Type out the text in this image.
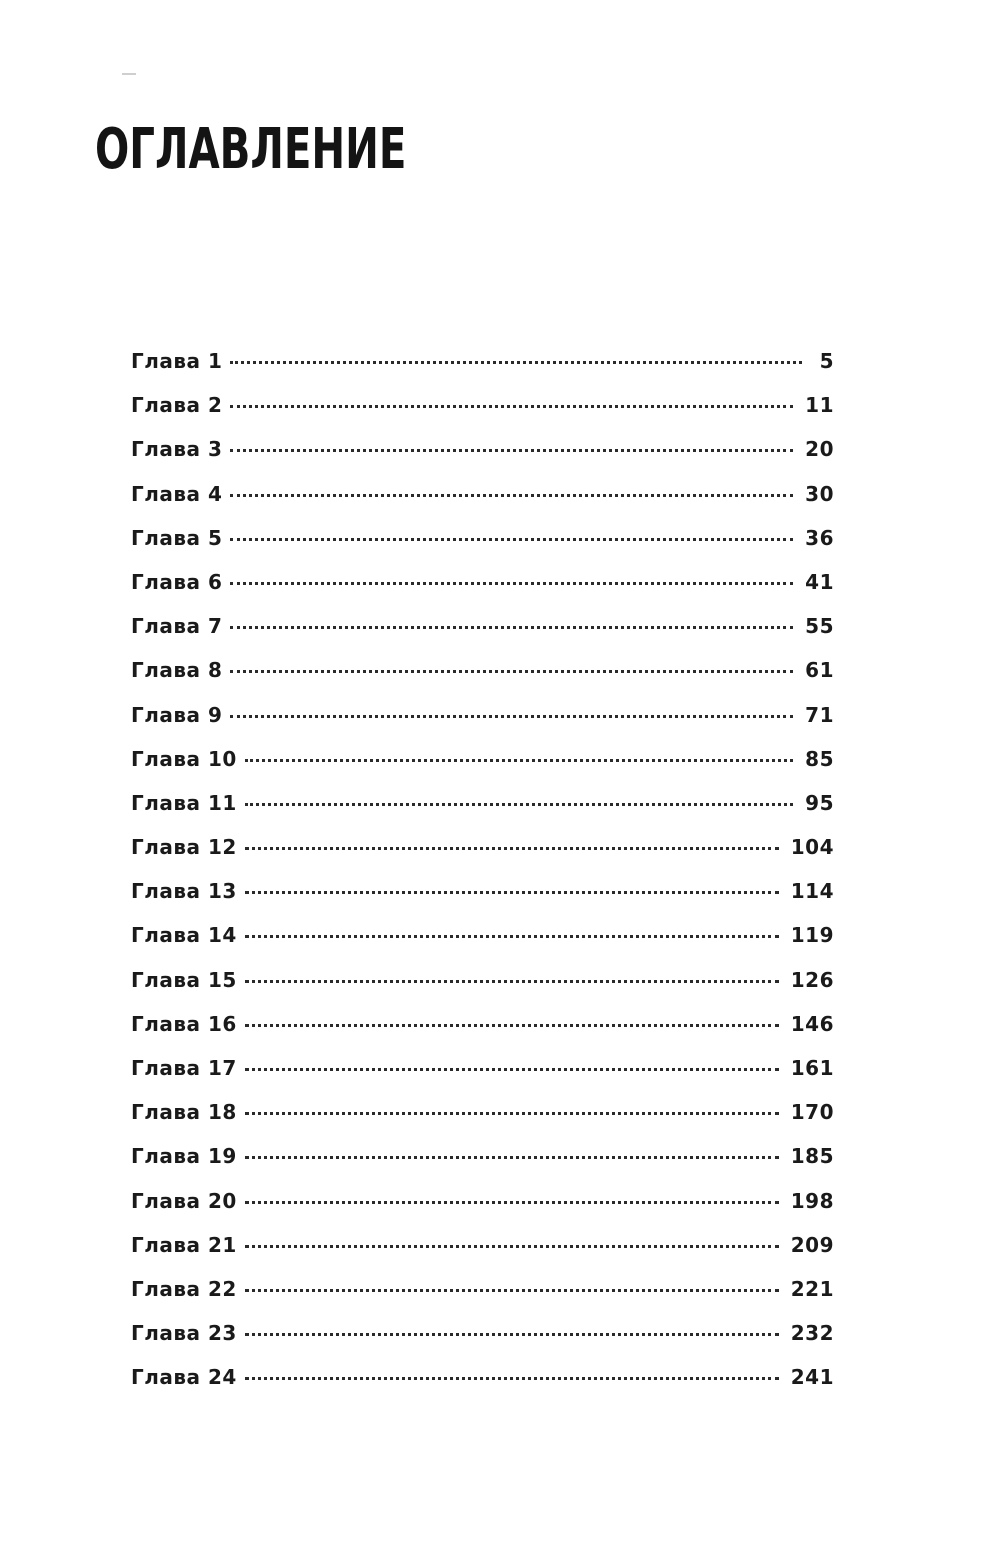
ОГЛАВЛЕНИЕ
Глава 1	5
Глава 2	11
Глава 3	20
Глава 4	30
Глава 5	36
Глава 6	41
Глава 7	55
Глава 8	61
Глава 9	71
Глава 10	85
Глава 11	95
Глава 12	104
Глава 13	114
Глава 14	119
Глава 15	126
Глава 16	146
Глава 17	161
Глава 18	170
Глава 19	185
Глава 20	198
Глава 21	209
Глава 22	221
Глава 23	232
Глава 24	241
